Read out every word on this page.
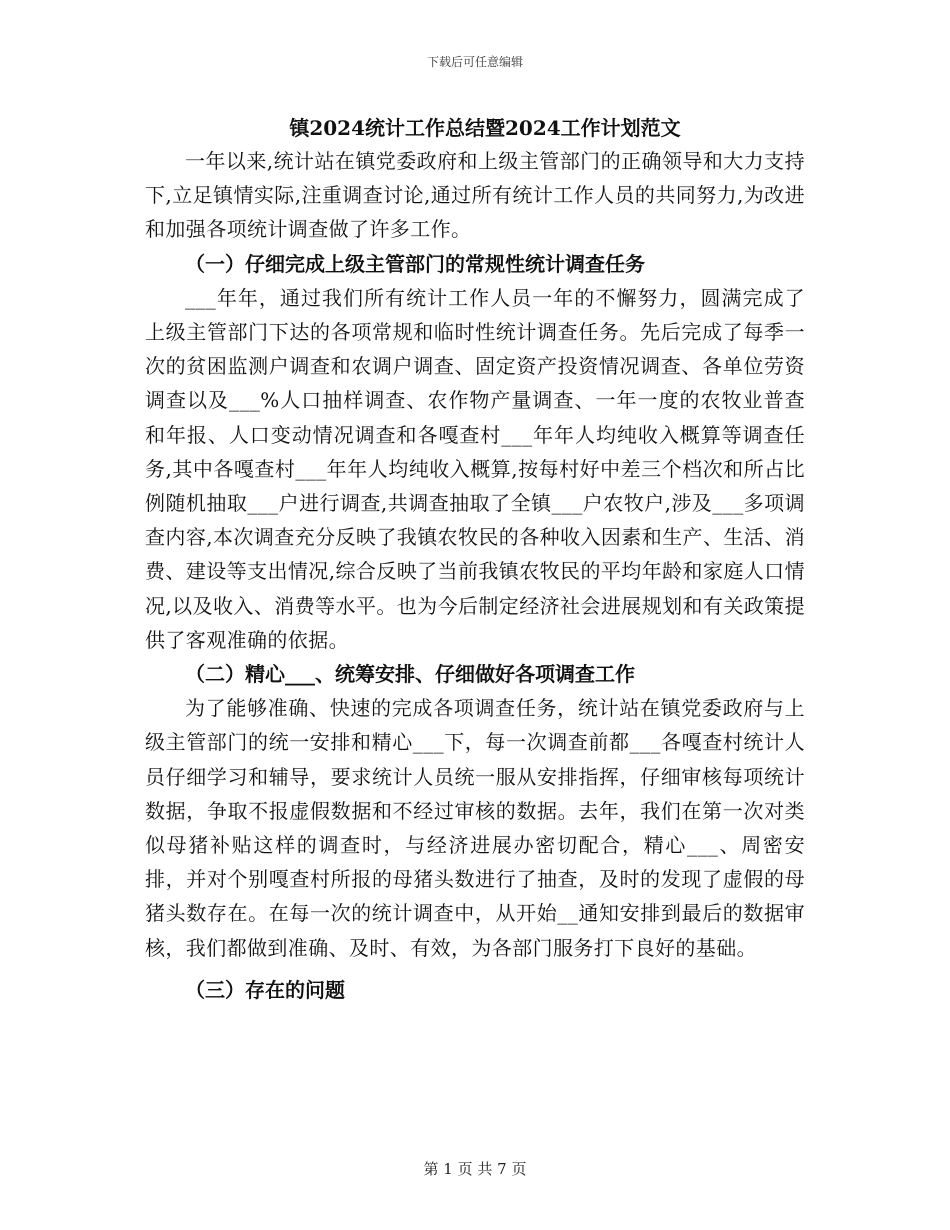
下载后可任意编辑
镇2024统计工作总结暨2024工作计划范文

一年以来,统计站在镇党委政府和上级主管部门的正确领导和大力支持下,立足镇情实际,注重调查讨论,通过所有统计工作人员的共同努力,为改进和加强各项统计调查做了许多工作。

（一）仔细完成上级主管部门的常规性统计调查任务

___年年，通过我们所有统计工作人员一年的不懈努力，圆满完成了上级主管部门下达的各项常规和临时性统计调查任务。先后完成了每季一次的贫困监测户调查和农调户调查、固定资产投资情况调查、各单位劳资调查以及___%人口抽样调查、农作物产量调查、一年一度的农牧业普查和年报、人口变动情况调查和各嘎查村___年年人均纯收入概算等调查任务,其中各嘎查村___年年人均纯收入概算,按每村好中差三个档次和所占比例随机抽取___户进行调查,共调查抽取了全镇___户农牧户,涉及___多项调查内容,本次调查充分反映了我镇农牧民的各种收入因素和生产、生活、消费、建设等支出情况,综合反映了当前我镇农牧民的平均年龄和家庭人口情况,以及收入、消费等水平。也为今后制定经济社会进展规划和有关政策提供了客观准确的依据。

（二）精心___、统筹安排、仔细做好各项调查工作

为了能够准确、快速的完成各项调查任务，统计站在镇党委政府与上级主管部门的统一安排和精心___下，每一次调查前都___各嘎查村统计人员仔细学习和辅导，要求统计人员统一服从安排指挥，仔细审核每项统计数据，争取不报虚假数据和不经过审核的数据。去年，我们在第一次对类似母猪补贴这样的调查时，与经济进展办密切配合，精心___、周密安排，并对个别嘎查村所报的母猪头数进行了抽查，及时的发现了虚假的母猪头数存在。在每一次的统计调查中，从开始__通知安排到最后的数据审核，我们都做到准确、及时、有效，为各部门服务打下良好的基础。

（三）存在的问题
第 1 页 共 7 页
